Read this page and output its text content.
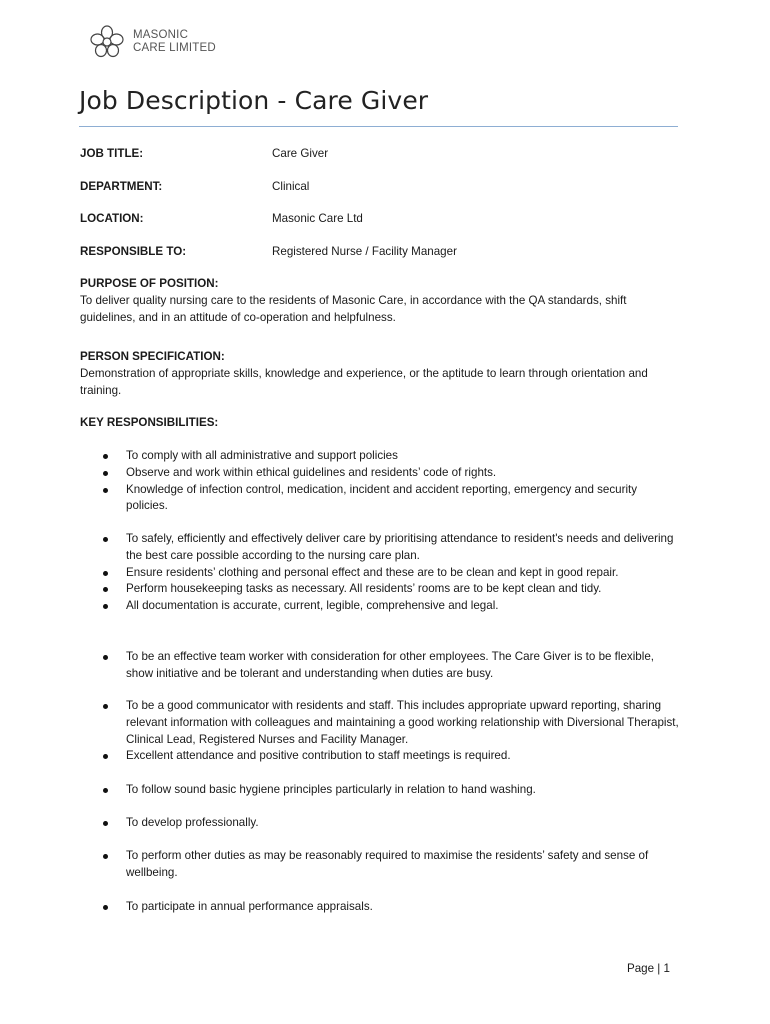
MASONIC
CARE LIMITED
Job Description - Care Giver
JOB TITLE:	Care Giver
DEPARTMENT:	Clinical
LOCATION:	Masonic Care Ltd
RESPONSIBLE TO:	Registered Nurse / Facility Manager

PURPOSE OF POSITION:

To deliver quality nursing care to the residents of Masonic Care, in accordance with the QA standards, shift guidelines, and in an attitude of co-operation and helpfulness.

PERSON SPECIFICATION:

Demonstration of appropriate skills, knowledge and experience, or the aptitude to learn through orientation and training.

KEY RESPONSIBILITIES:
To comply with all administrative and support policies
Observe and work within ethical guidelines and residents’ code of rights.
Knowledge of infection control, medication, incident and accident reporting, emergency and security policies.
To safely, efficiently and effectively deliver care by prioritising attendance to resident's needs and delivering the best care possible according to the nursing care plan.
Ensure residents’ clothing and personal effect and these are to be clean and kept in good repair.
Perform housekeeping tasks as necessary. All residents’ rooms are to be kept clean and tidy.
All documentation is accurate, current, legible, comprehensive and legal.
To be an effective team worker with consideration for other employees. The Care Giver is to be flexible, show initiative and be tolerant and understanding when duties are busy.
To be a good communicator with residents and staff. This includes appropriate upward reporting, sharing relevant information with colleagues and maintaining a good working relationship with Diversional Therapist, Clinical Lead, Registered Nurses and Facility Manager.
Excellent attendance and positive contribution to staff meetings is required.
To follow sound basic hygiene principles particularly in relation to hand washing.
To develop professionally.
To perform other duties as may be reasonably required to maximise the residents’ safety and sense of wellbeing.
To participate in annual performance appraisals.
Page | 1
